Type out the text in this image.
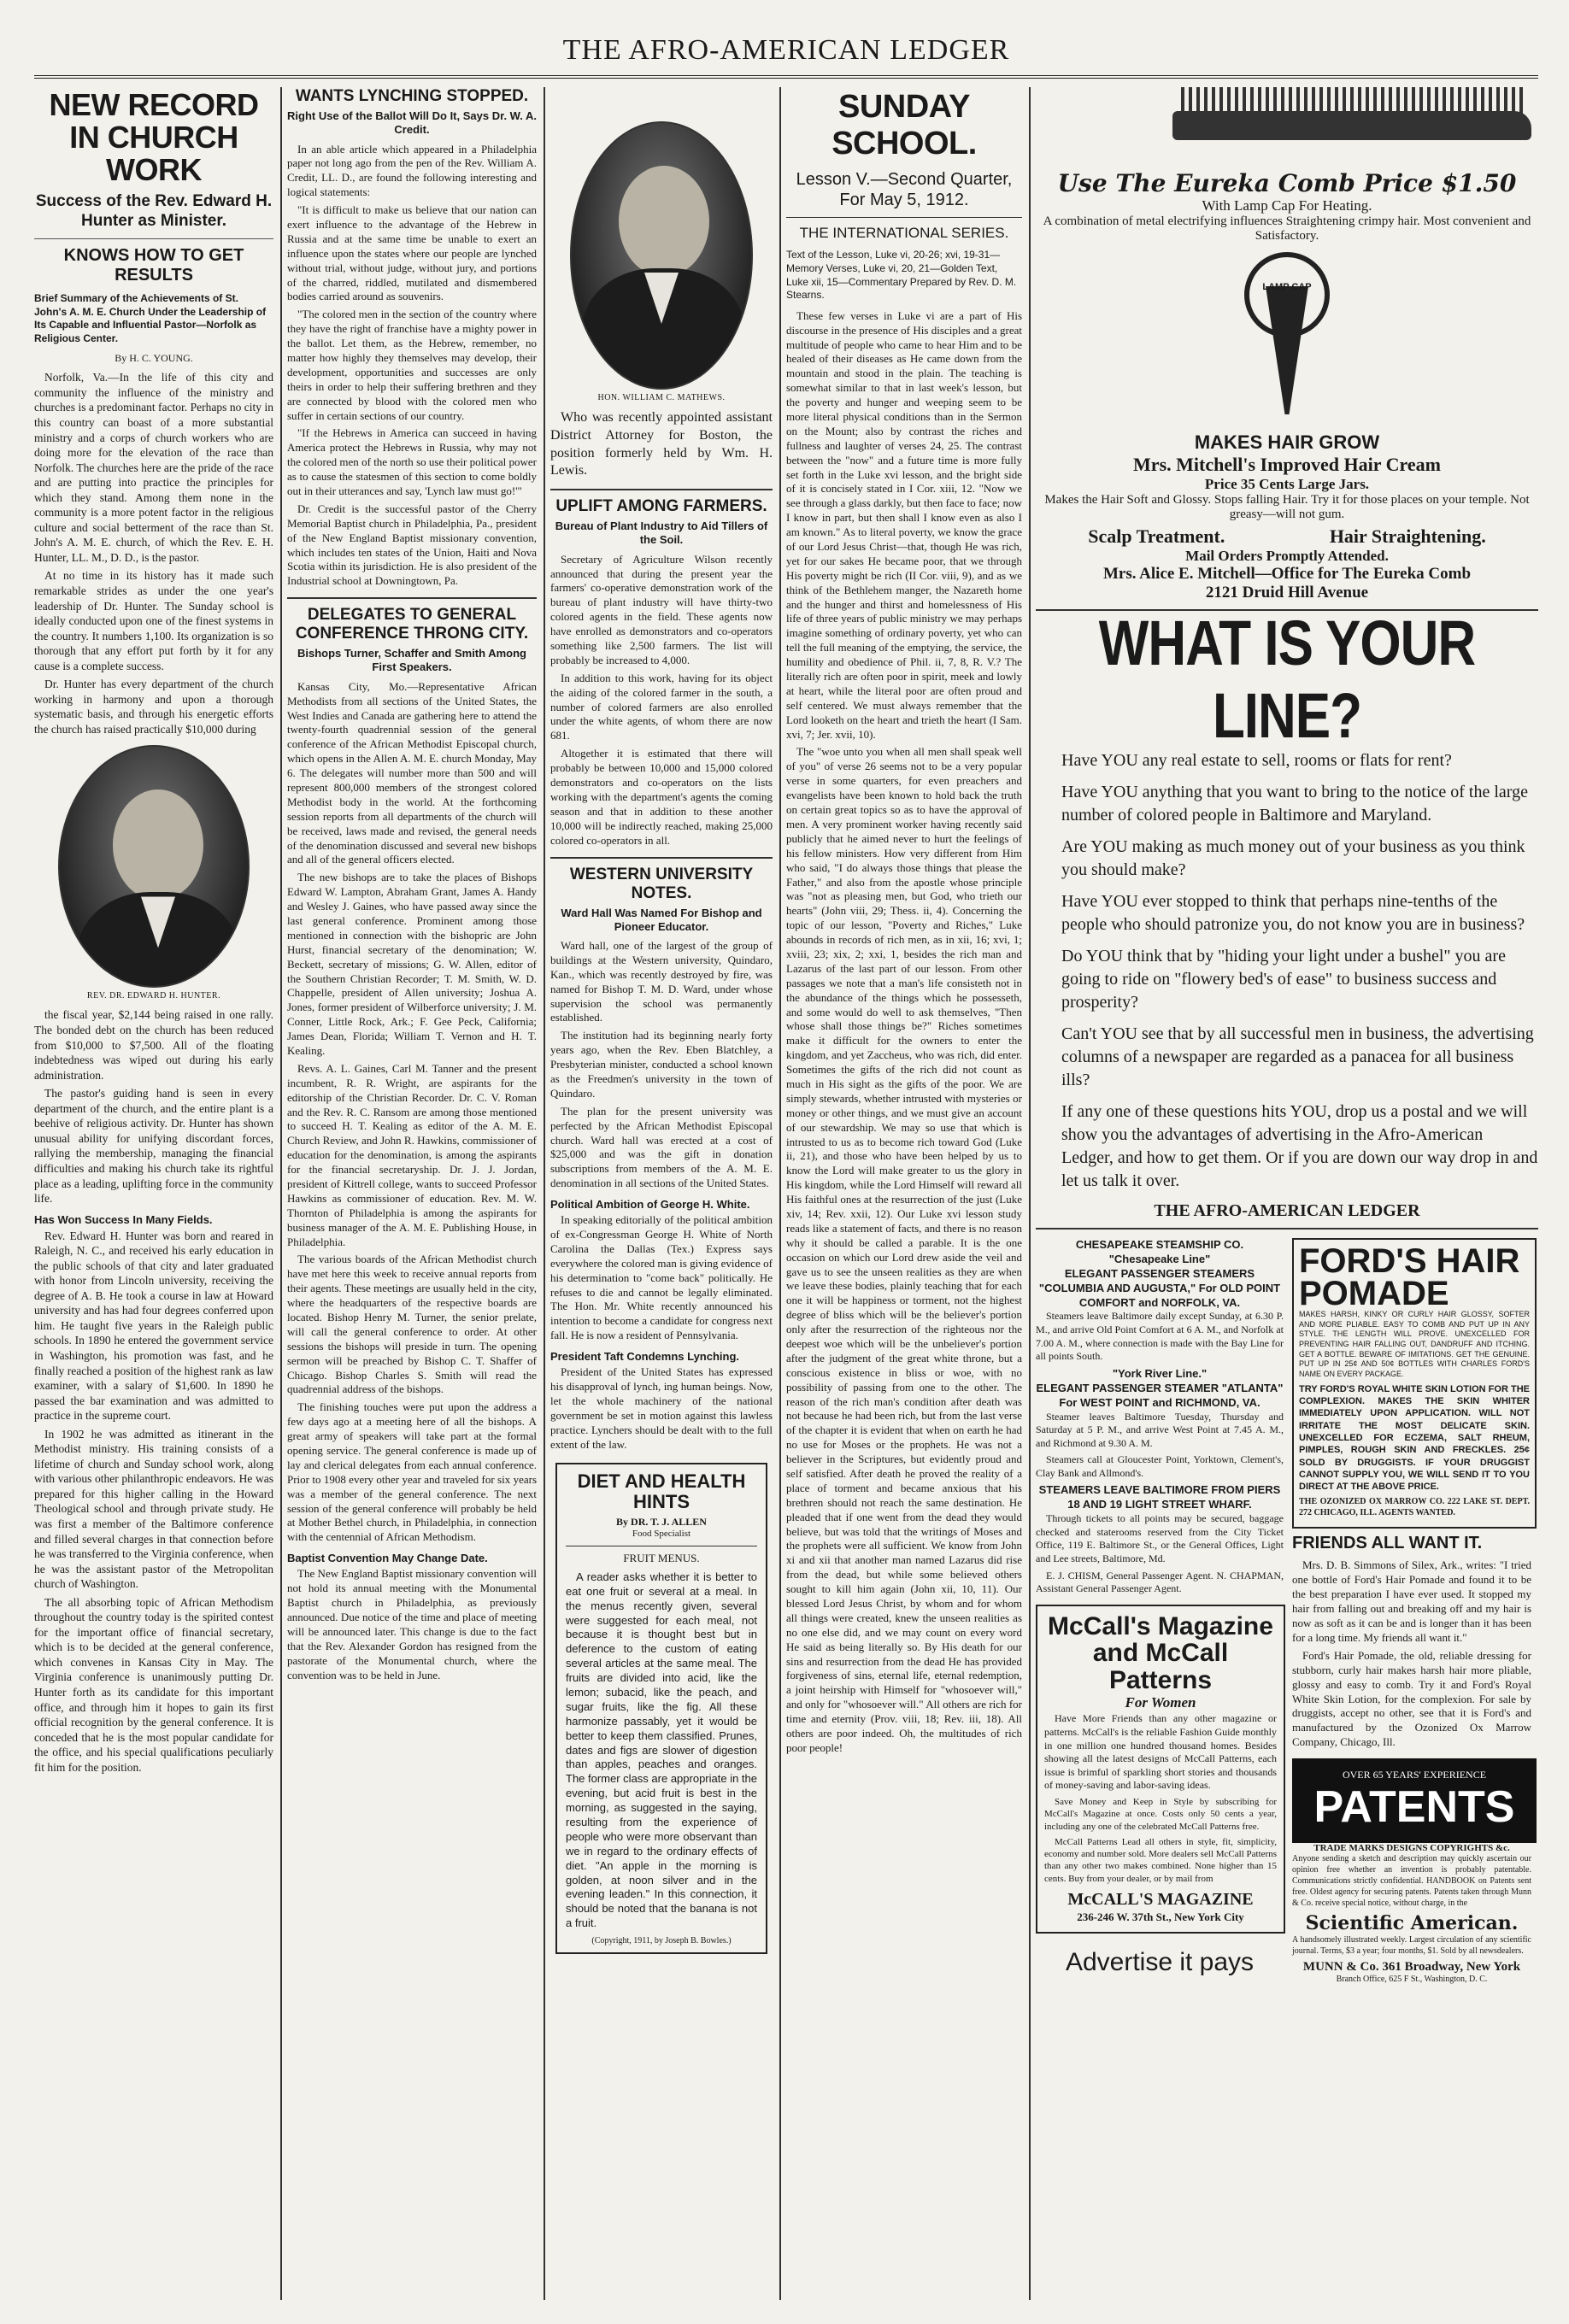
THE AFRO-AMERICAN LEDGER
NEW RECORD IN CHURCH WORK
Success of the Rev. Edward H. Hunter as Minister.
KNOWS HOW TO GET RESULTS
Brief Summary of the Achievements of St. John's A. M. E. Church Under the Leadership of Its Capable and Influential Pastor—Norfolk as Religious Center.
By H. C. YOUNG.

Norfolk, Va.—In the life of this city and community the influence of the ministry and churches is a predominant factor. Perhaps no city in this country can boast of a more substantial ministry and a corps of church workers who are doing more for the elevation of the race than Norfolk. The churches here are the pride of the race and are putting into practice the principles for which they stand. Among them none in the community is a more potent factor in the religious culture and social betterment of the race than St. John's A. M. E. church, of which the Rev. E. H. Hunter, LL. M., D. D., is the pastor.

At no time in its history has it made such remarkable strides as under the one year's leadership of Dr. Hunter. The Sunday school is ideally conducted upon one of the finest systems in the country. It numbers 1,100. Its organization is so thorough that any effort put forth by it for any cause is a complete success.

Dr. Hunter has every department of the church working in harmony and upon a thorough systematic basis, and through his energetic efforts the church has raised practically $10,000 during

REV. DR. EDWARD H. HUNTER.

the fiscal year, $2,144 being raised in one rally. The bonded debt on the church has been reduced from $10,000 to $7,500. All of the floating indebtedness was wiped out during his early administration.

The pastor's guiding hand is seen in every department of the church, and the entire plant is a beehive of religious activity. Dr. Hunter has shown unusual ability for unifying discordant forces, rallying the membership, managing the financial difficulties and making his church take its rightful place as a leading, uplifting force in the community life.

Has Won Success In Many Fields.

Rev. Edward H. Hunter was born and reared in Raleigh, N. C., and received his early education in the public schools of that city and later graduated with honor from Lincoln university, receiving the degree of A. B. He took a course in law at Howard university and has had four degrees conferred upon him. He taught five years in the Raleigh public schools. In 1890 he entered the government service in Washington, his promotion was fast, and he finally reached a position of the highest rank as law examiner, with a salary of $1,600. In 1890 he passed the bar examination and was admitted to practice in the supreme court.

In 1902 he was admitted as itinerant in the Methodist ministry. His training consists of a lifetime of church and Sunday school work, along with various other philanthropic endeavors. He was prepared for this higher calling in the Howard Theological school and through private study. He was first a member of the Baltimore conference and filled several charges in that connection before he was transferred to the Virginia conference, when he was the assistant pastor of the Metropolitan church of Washington.

The all absorbing topic of African Methodism throughout the country today is the spirited contest for the important office of financial secretary, which is to be decided at the general conference, which convenes in Kansas City in May. The Virginia conference is unanimously putting Dr. Hunter forth as its candidate for this important office, and through him it hopes to gain its first official recognition by the general conference. It is conceded that he is the most popular candidate for the office, and his special qualifications peculiarly fit him for the position.

WANTS LYNCHING STOPPED.
Right Use of the Ballot Will Do It, Says Dr. W. A. Credit.

In an able article which appeared in a Philadelphia paper not long ago from the pen of the Rev. William A. Credit, LL. D., are found the following interesting and logical statements:

"It is difficult to make us believe that our nation can exert influence to the advantage of the Hebrew in Russia and at the same time be unable to exert an influence upon the states where our people are lynched without trial, without judge, without jury, and portions of the charred, riddled, mutilated and dismembered bodies carried around as souvenirs.

"The colored men in the section of the country where they have the right of franchise have a mighty power in the ballot. Let them, as the Hebrew, remember, no matter how highly they themselves may develop, their development, opportunities and successes are only theirs in order to help their suffering brethren and they are connected by blood with the colored men who suffer in certain sections of our country.

"If the Hebrews in America can succeed in having America protect the Hebrews in Russia, why may not the colored men of the north so use their political power as to cause the statesmen of this section to come boldly out in their utterances and say, 'Lynch law must go!'"

Dr. Credit is the successful pastor of the Cherry Memorial Baptist church in Philadelphia, Pa., president of the New England Baptist missionary convention, which includes ten states of the Union, Haiti and Nova Scotia within its jurisdiction. He is also president of the Industrial school at Downingtown, Pa.

DELEGATES TO GENERAL CONFERENCE THRONG CITY.
Bishops Turner, Schaffer and Smith Among First Speakers.

Kansas City, Mo.—Representative African Methodists from all sections of the United States, the West Indies and Canada are gathering here to attend the twenty-fourth quadrennial session of the general conference of the African Methodist Episcopal church, which opens in the Allen A. M. E. church Monday, May 6. The delegates will number more than 500 and will represent 800,000 members of the strongest colored Methodist body in the world. At the forthcoming session reports from all departments of the church will be received, laws made and revised, the general needs of the denomination discussed and several new bishops and all of the general officers elected.

The new bishops are to take the places of Bishops Edward W. Lampton, Abraham Grant, James A. Handy and Wesley J. Gaines, who have passed away since the last general conference. Prominent among those mentioned in connection with the bishopric are John Hurst, financial secretary of the denomination; W. Beckett, secretary of missions; G. W. Allen, editor of the Southern Christian Recorder; T. M. Smith, W. D. Chappelle, president of Allen university; Joshua A. Jones, former president of Wilberforce university; J. M. Conner, Little Rock, Ark.; F. Gee Peck, California; James Dean, Florida; William T. Vernon and H. T. Kealing.

Revs. A. L. Gaines, Carl M. Tanner and the present incumbent, R. R. Wright, are aspirants for the editorship of the Christian Recorder. Dr. C. V. Roman and the Rev. R. C. Ransom are among those mentioned to succeed H. T. Kealing as editor of the A. M. E. Church Review, and John R. Hawkins, commissioner of education for the denomination, is among the aspirants for the financial secretaryship. Dr. J. J. Jordan, president of Kittrell college, wants to succeed Professor Hawkins as commissioner of education. Rev. M. W. Thornton of Philadelphia is among the aspirants for business manager of the A. M. E. Publishing House, in Philadelphia.

The various boards of the African Methodist church have met here this week to receive annual reports from their agents. These meetings are usually held in the city, where the headquarters of the respective boards are located. Bishop Henry M. Turner, the senior prelate, will call the general conference to order. At other sessions the bishops will preside in turn. The opening sermon will be preached by Bishop C. T. Shaffer of Chicago. Bishop Charles S. Smith will read the quadrennial address of the bishops.

The finishing touches were put upon the address a few days ago at a meeting here of all the bishops. A great army of speakers will take part at the formal opening service. The general conference is made up of lay and clerical delegates from each annual conference. Prior to 1908 every other year and traveled for six years was a member of the general conference. The next session of the general conference will probably be held at Mother Bethel church, in Philadelphia, in connection with the centennial of African Methodism.

Baptist Convention May Change Date.

The New England Baptist missionary convention will not hold its annual meeting with the Monumental Baptist church in Philadelphia, as previously announced. Due notice of the time and place of meeting will be announced later. This change is due to the fact that the Rev. Alexander Gordon has resigned from the pastorate of the Monumental church, where the convention was to be held in June.

HON. WILLIAM C. MATHEWS.

Who was recently appointed assistant District Attorney for Boston, the position formerly held by Wm. H. Lewis.

UPLIFT AMONG FARMERS.
Bureau of Plant Industry to Aid Tillers of the Soil.

Secretary of Agriculture Wilson recently announced that during the present year the farmers' co-operative demonstration work of the bureau of plant industry will have thirty-two colored agents in the field. These agents now have enrolled as demonstrators and co-operators something like 2,500 farmers. The list will probably be increased to 4,000.

In addition to this work, having for its object the aiding of the colored farmer in the south, a number of colored farmers are also enrolled under the white agents, of whom there are now 681.

Altogether it is estimated that there will probably be between 10,000 and 15,000 colored demonstrators and co-operators on the lists working with the department's agents the coming season and that in addition to these another 10,000 will be indirectly reached, making 25,000 colored co-operators in all.

WESTERN UNIVERSITY NOTES.
Ward Hall Was Named For Bishop and Pioneer Educator.

Ward hall, one of the largest of the group of buildings at the Western university, Quindaro, Kan., which was recently destroyed by fire, was named for Bishop T. M. D. Ward, under whose supervision the school was permanently established.

The institution had its beginning nearly forty years ago, when the Rev. Eben Blatchley, a Presbyterian minister, conducted a school known as the Freedmen's university in the town of Quindaro.

The plan for the present university was perfected by the African Methodist Episcopal church. Ward hall was erected at a cost of $25,000 and was the gift in donation subscriptions from members of the A. M. E. denomination in all sections of the United States.

Political Ambition of George H. White.

In speaking editorially of the political ambition of ex-Congressman George H. White of North Carolina the Dallas (Tex.) Express says everywhere the colored man is giving evidence of his determination to "come back" politically. He refuses to die and cannot be legally eliminated. The Hon. Mr. White recently announced his intention to become a candidate for congress next fall. He is now a resident of Pennsylvania.

President Taft Condemns Lynching.

President of the United States has expressed his disapproval of lynch, ing human beings. Now, let the whole machinery of the national government be set in motion against this lawless practice. Lynchers should be dealt with to the full extent of the law.

DIET AND HEALTH HINTS
By DR. T. J. ALLEN
Food Specialist
FRUIT MENUS.

A reader asks whether it is better to eat one fruit or several at a meal. In the menus recently given, several were suggested for each meal, not because it is thought best but in deference to the custom of eating several articles at the same meal. The fruits are divided into acid, like the lemon; subacid, like the peach, and sugar fruits, like the fig. All these harmonize passably, yet it would be better to keep them classified. Prunes, dates and figs are slower of digestion than apples, peaches and oranges. The former class are appropriate in the evening, but acid fruit is best in the morning, as suggested in the saying, resulting from the experience of people who were more observant than we in regard to the ordinary effects of diet. "An apple in the morning is golden, at noon silver and in the evening leaden." In this connection, it should be noted that the banana is not a fruit.

(Copyright, 1911, by Joseph B. Bowles.)
SUNDAY SCHOOL.
Lesson V.—Second Quarter, For May 5, 1912.
THE INTERNATIONAL SERIES.
Text of the Lesson, Luke vi, 20-26; xvi, 19-31—Memory Verses, Luke vi, 20, 21—Golden Text, Luke xii, 15—Commentary Prepared by Rev. D. M. Stearns.

These few verses in Luke vi are a part of His discourse in the presence of His disciples and a great multitude of people who came to hear Him and to be healed of their diseases as He came down from the mountain and stood in the plain. The teaching is somewhat similar to that in last week's lesson, but the poverty and hunger and weeping seem to be more literal physical conditions than in the Sermon on the Mount; also by contrast the riches and fullness and laughter of verses 24, 25. The contrast between the "now" and a future time is more fully set forth in the Luke xvi lesson, and the bright side of it is concisely stated in I Cor. xiii, 12. "Now we see through a glass darkly, but then face to face; now I know in part, but then shall I know even as also I am known." As to literal poverty, we know the grace of our Lord Jesus Christ—that, though He was rich, yet for our sakes He became poor, that we through His poverty might be rich (II Cor. viii, 9), and as we think of the Bethlehem manger, the Nazareth home and the hunger and thirst and homelessness of His life of three years of public ministry we may perhaps imagine something of ordinary poverty, yet who can tell the full meaning of the emptying, the service, the humility and obedience of Phil. ii, 7, 8, R. V.? The literally rich are often poor in spirit, meek and lowly at heart, while the literal poor are often proud and self centered. We must always remember that the Lord looketh on the heart and trieth the heart (I Sam. xvi, 7; Jer. xvii, 10).

The "woe unto you when all men shall speak well of you" of verse 26 seems not to be a very popular verse in some quarters, for even preachers and evangelists have been known to hold back the truth on certain great topics so as to have the approval of men. A very prominent worker having recently said publicly that he aimed never to hurt the feelings of his fellow ministers. How very different from Him who said, "I do always those things that please the Father," and also from the apostle whose principle was "not as pleasing men, but God, who trieth our hearts" (John viii, 29; Thess. ii, 4). Concerning the topic of our lesson, "Poverty and Riches," Luke abounds in records of rich men, as in xii, 16; xvi, 1; xviii, 23; xix, 2; xxi, 1, besides the rich man and Lazarus of the last part of our lesson. From other passages we note that a man's life consisteth not in the abundance of the things which he possesseth, and some would do well to ask themselves, "Then whose shall those things be?" Riches sometimes make it difficult for the owners to enter the kingdom, and yet Zaccheus, who was rich, did enter. Sometimes the gifts of the rich did not count as much in His sight as the gifts of the poor. We are simply stewards, whether intrusted with mysteries or money or other things, and we must give an account of our stewardship. We may so use that which is intrusted to us as to become rich toward God (Luke ii, 21), and those who have been helped by us to know the Lord will make greater to us the glory in His kingdom, while the Lord Himself will reward all His faithful ones at the resurrection of the just (Luke xiv, 14; Rev. xxii, 12). Our Luke xvi lesson study reads like a statement of facts, and there is no reason why it should be called a parable. It is the one occasion on which our Lord drew aside the veil and gave us to see the unseen realities as they are when we leave these bodies, plainly teaching that for each one it will be happiness or torment, not the highest degree of bliss which will be the believer's portion only after the resurrection of the righteous nor the deepest woe which will be the unbeliever's portion after the judgment of the great white throne, but a conscious existence in bliss or woe, with no possibility of passing from one to the other. The reason of the rich man's condition after death was not because he had been rich, but from the last verse of the chapter it is evident that when on earth he had no use for Moses or the prophets. He was not a believer in the Scriptures, but evidently proud and self satisfied. After death he proved the reality of a place of torment and became anxious that his brethren should not reach the same destination. He pleaded that if one went from the dead they would believe, but was told that the writings of Moses and the prophets were all sufficient. We know from John xi and xii that another man named Lazarus did rise from the dead, but while some believed others sought to kill him again (John xii, 10, 11). Our blessed Lord Jesus Christ, by whom and for whom all things were created, knew the unseen realities as no one else did, and we may count on every word He said as being literally so. By His death for our sins and resurrection from the dead He has provided forgiveness of sins, eternal life, eternal redemption, a joint heirship with Himself for "whosoever will," and only for "whosoever will." All others are rich for time and eternity (Prov. viii, 18; Rev. iii, 18). All others are poor indeed. Oh, the multitudes of rich poor people!

Use The Eureka Comb Price $1.50
With Lamp Cap For Heating.
A combination of metal electrifying influences Straightening crimpy hair. Most convenient and Satisfactory.
LAMP CAP
MAKES HAIR GROW
Mrs. Mitchell's Improved Hair Cream
Price 35 Cents Large Jars.
Makes the Hair Soft and Glossy. Stops falling Hair. Try it for those places on your temple. Not greasy—will not gum.
Scalp Treatment.	Hair Straightening.
Mail Orders Promptly Attended.
Mrs. Alice E. Mitchell—Office for The Eureka Comb
2121 Druid Hill Avenue
WHAT IS YOUR LINE?

Have YOU any real estate to sell, rooms or flats for rent?

Have YOU anything that you want to bring to the notice of the large number of colored people in Baltimore and Maryland.

Are YOU making as much money out of your business as you think you should make?

Have YOU ever stopped to think that perhaps nine-tenths of the people who should patronize you, do not know you are in business?

Do YOU think that by "hiding your light under a bushel" you are going to ride on "flowery bed's of ease" to business success and prosperity?

Can't YOU see that by all successful men in business, the advertising columns of a newspaper are regarded as a panacea for all business ills?

If any one of these questions hits YOU, drop us a postal and we will show you the advantages of advertising in the Afro-American Ledger, and how to get them. Or if you are down our way drop in and let us talk it over.

THE AFRO-AMERICAN LEDGER
CHESAPEAKE STEAMSHIP CO.
"Chesapeake Line"
ELEGANT PASSENGER STEAMERS
"COLUMBIA AND AUGUSTA," For OLD POINT COMFORT and NORFOLK, VA.

Steamers leave Baltimore daily except Sunday, at 6.30 P. M., and arrive Old Point Comfort at 6 A. M., and Norfolk at 7.00 A. M., where connection is made with the Bay Line for all points South.

"York River Line."
ELEGANT PASSENGER STEAMER "ATLANTA" For WEST POINT and RICHMOND, VA.

Steamer leaves Baltimore Tuesday, Thursday and Saturday at 5 P. M., and arrive West Point at 7.45 A. M., and Richmond at 9.30 A. M.

Steamers call at Gloucester Point, Yorktown, Clement's, Clay Bank and Allmond's.

STEAMERS LEAVE BALTIMORE FROM PIERS 18 AND 19 LIGHT STREET WHARF.

Through tickets to all points may be secured, baggage checked and staterooms reserved from the City Ticket Office, 119 E. Baltimore St., or the General Offices, Light and Lee streets, Baltimore, Md.

E. J. CHISM, General Passenger Agent. N. CHAPMAN, Assistant General Passenger Agent.

McCall's Magazine and McCall Patterns
For Women

Have More Friends than any other magazine or patterns. McCall's is the reliable Fashion Guide monthly in one million one hundred thousand homes. Besides showing all the latest designs of McCall Patterns, each issue is brimful of sparkling short stories and thousands of money-saving and labor-saving ideas.

Save Money and Keep in Style by subscribing for McCall's Magazine at once. Costs only 50 cents a year, including any one of the celebrated McCall Patterns free.

McCall Patterns Lead all others in style, fit, simplicity, economy and number sold. More dealers sell McCall Patterns than any other two makes combined. None higher than 15 cents. Buy from your dealer, or by mail from

McCALL'S MAGAZINE
236-246 W. 37th St., New York City
Advertise it pays
FORD'S HAIR POMADE

MAKES HARSH, KINKY OR CURLY HAIR GLOSSY, SOFTER AND MORE PLIABLE. EASY TO COMB AND PUT UP IN ANY STYLE. THE LENGTH WILL PROVE. UNEXCELLED FOR PREVENTING HAIR FALLING OUT, DANDRUFF AND ITCHING. GET A BOTTLE. BEWARE OF IMITATIONS. GET THE GENUINE. PUT UP IN 25¢ AND 50¢ BOTTLES WITH CHARLES FORD'S NAME ON EVERY PACKAGE.

TRY FORD'S ROYAL WHITE SKIN LOTION FOR THE COMPLEXION. MAKES THE SKIN WHITER IMMEDIATELY UPON APPLICATION. WILL NOT IRRITATE THE MOST DELICATE SKIN. UNEXCELLED FOR ECZEMA, SALT RHEUM, PIMPLES, ROUGH SKIN AND FRECKLES. 25¢ SOLD BY DRUGGISTS. IF YOUR DRUGGIST CANNOT SUPPLY YOU, WE WILL SEND IT TO YOU DIRECT AT THE ABOVE PRICE.

THE OZONIZED OX MARROW CO. 222 LAKE ST. DEPT. 272 CHICAGO, ILL. AGENTS WANTED.

FRIENDS ALL WANT IT.

Mrs. D. B. Simmons of Silex, Ark., writes: "I tried one bottle of Ford's Hair Pomade and found it to be the best preparation I have ever used. It stopped my hair from falling out and breaking off and my hair is now as soft as it can be and is longer than it has been for a long time. My friends all want it."

Ford's Hair Pomade, the old, reliable dressing for stubborn, curly hair makes harsh hair more pliable, glossy and easy to comb. Try it and Ford's Royal White Skin Lotion, for the complexion. For sale by druggists, accept no other, see that it is Ford's and manufactured by the Ozonized Ox Marrow Company, Chicago, Ill.

OVER 65 YEARS' EXPERIENCE
PATENTS
TRADE MARKS DESIGNS COPYRIGHTS &c.

Anyone sending a sketch and description may quickly ascertain our opinion free whether an invention is probably patentable. Communications strictly confidential. HANDBOOK on Patents sent free. Oldest agency for securing patents. Patents taken through Munn & Co. receive special notice, without charge, in the

Scientific American.

A handsomely illustrated weekly. Largest circulation of any scientific journal. Terms, $3 a year; four months, $1. Sold by all newsdealers.

MUNN & Co. 361 Broadway, New York
Branch Office, 625 F St., Washington, D. C.
